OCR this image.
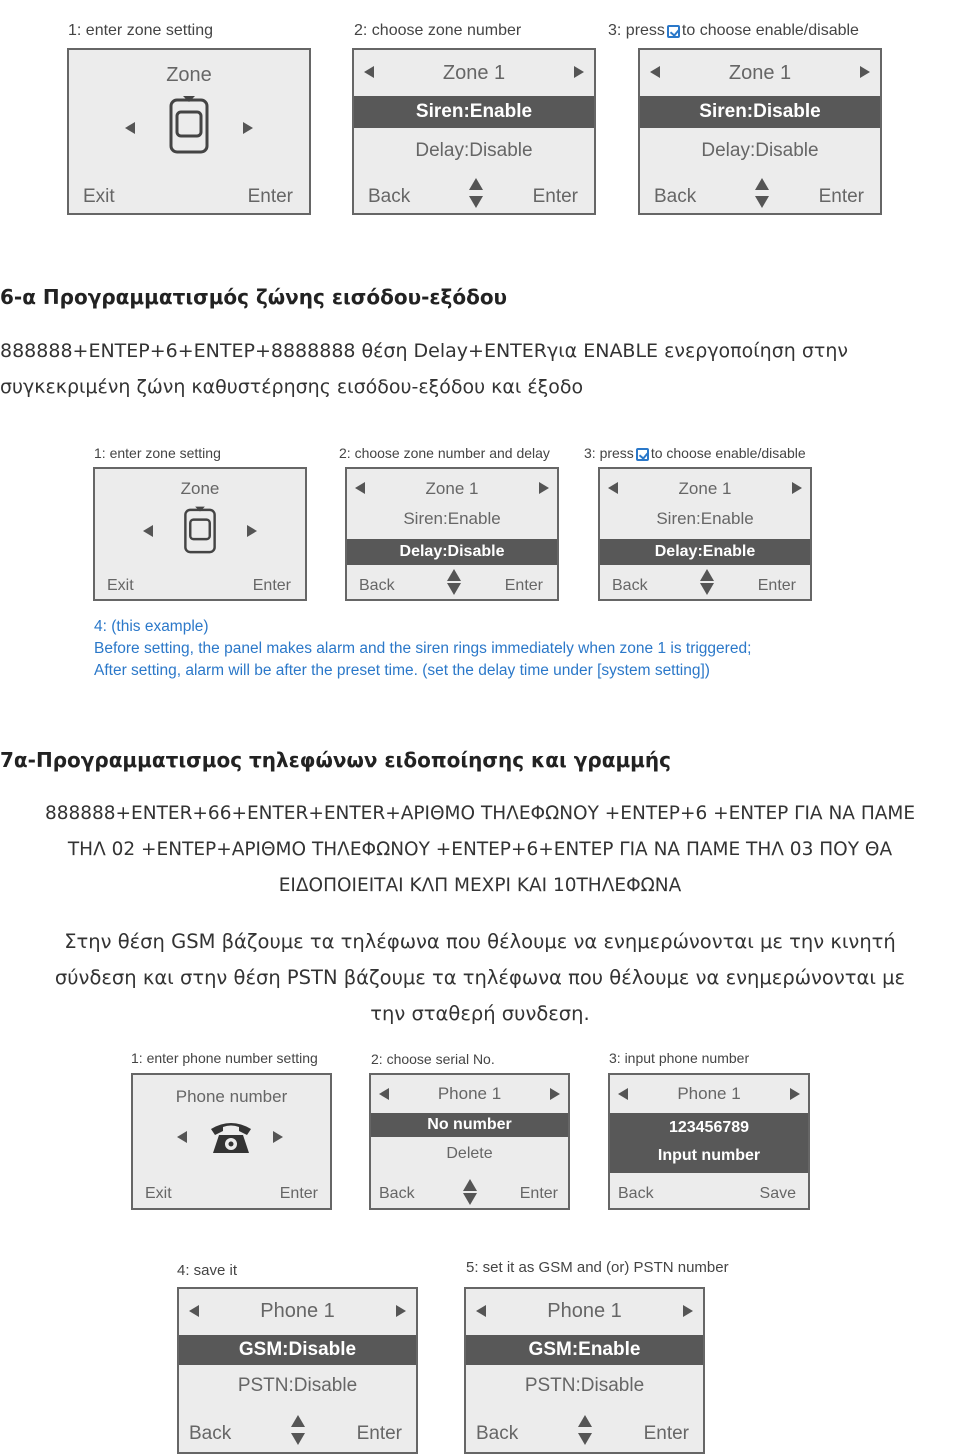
1: enter zone setting	2: choose zone number	3: press to choose enable/disable
Zone
Exit	Enter
Zone 1
Siren:Enable
Delay:Disable
Back	Enter
Zone 1
Siren:Disable
Delay:Disable
Back	Enter
6-α Προγραμματισμός ζώνης εισόδου-εξόδου
888888+ΕΝΤΕΡ+6+ΕΝΤΕΡ+8888888 θέση Delay+ENTERγια ENABLE ενεργοποίηση στην
συγκεκριμένη ζώνη καθυστέρησης εισόδου-εξόδου και έξοδο
1: enter zone setting	2: choose zone number and delay 3: press to choose enable/disable
Zone
Exit	Enter
Zone 1
Siren:Enable
Delay:Disable
Back	Enter
Zone 1
Siren:Enable
Delay:Enable
Back	Enter
4: (this example)
Before setting, the panel makes alarm and the siren rings immediately when zone 1 is triggered;
After setting, alarm will be after the preset time. (set the delay time under [system setting])
7α-Προγραμματισμος τηλεφώνων ειδοποίησης και γραμμής
888888+ENTER+66+ENTER+ENTER+ΑΡΙΘΜΟ ΤΗΛΕΦΩΝΟΥ +ΕΝΤΕΡ+6 +ΕΝΤΕΡ ΓΙΑ ΝΑ ΠΑΜΕ
ΤΗΛ 02 +ΕΝΤΕΡ+ΑΡΙΘΜΟ ΤΗΛΕΦΩΝΟΥ +ΕΝΤΕΡ+6+ΕΝΤΕΡ ΓΙΑ ΝΑ ΠΑΜΕ ΤΗΛ 03 ΠΟΥ ΘΑ
ΕΙΔΟΠΟΙΕΙΤΑΙ ΚΛΠ ΜΕΧΡΙ ΚΑΙ 10ΤΗΛΕΦΩΝΑ
Στην θέση GSM βάζουμε τα τηλέφωνα που θέλουμε να ενημερώνονται με την κινητή
σύνδεση και στην θέση PSTN βάζουμε τα τηλέφωνα που θέλουμε να ενημερώνονται με
την σταθερή συνδεση.
1: enter phone number setting	2: choose serial No.	3: input phone number
Phone number
Exit	Enter
Phone 1
No number
Delete
Back	Enter
Phone 1
123456789
Input number
Back	Save
4: save it	5: set it as GSM and (or) PSTN number
Phone 1
GSM:Disable
PSTN:Disable
Back	Enter
Phone 1
GSM:Enable
PSTN:Disable
Back	Enter
